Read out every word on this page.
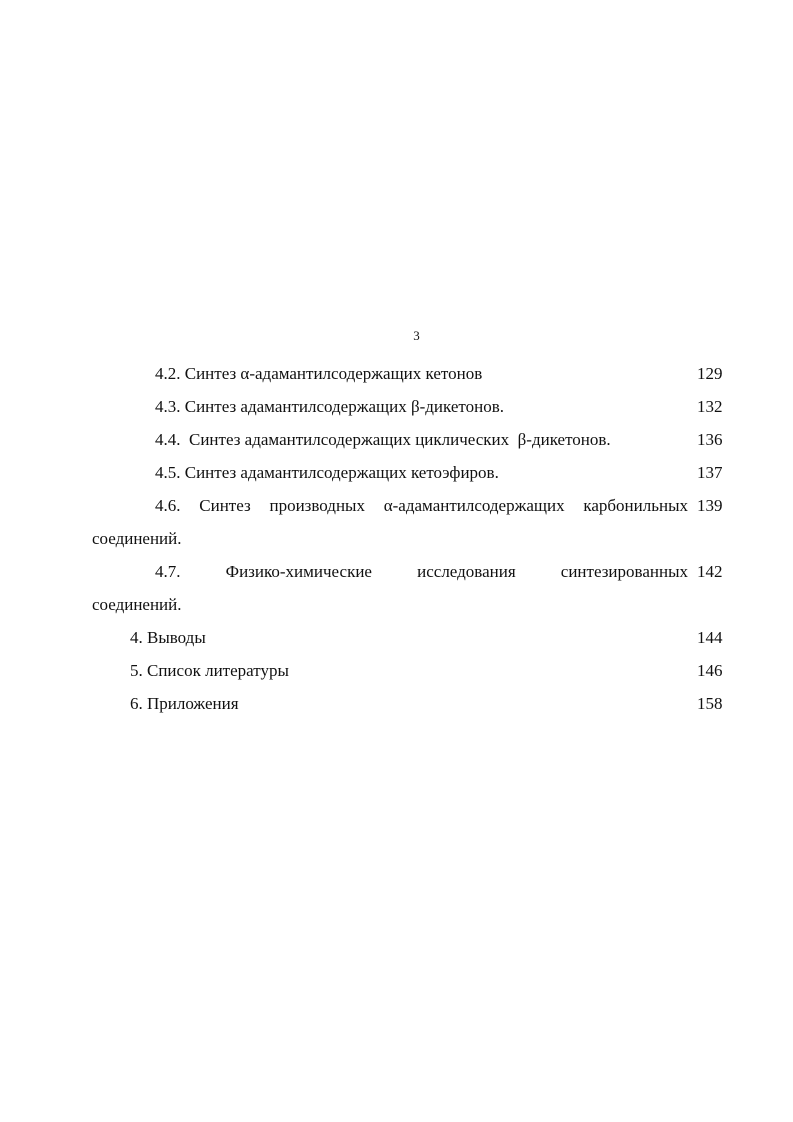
3
4.2. Синтез α-адамантилсодержащих кетонов	129
4.3. Синтез адамантилсодержащих β-дикетонов.	132
4.4.  Синтез адамантилсодержащих циклических  β-дикетонов.	136
4.5. Синтез адамантилсодержащих кетоэфиров.	137
4.6. Синтез производных α-адамантилсодержащих карбонильных 139
соединений.
4.7. Физико-химические исследования синтезированных 142
соединений.
4. Выводы	144
5. Список литературы	146
6. Приложения	158
